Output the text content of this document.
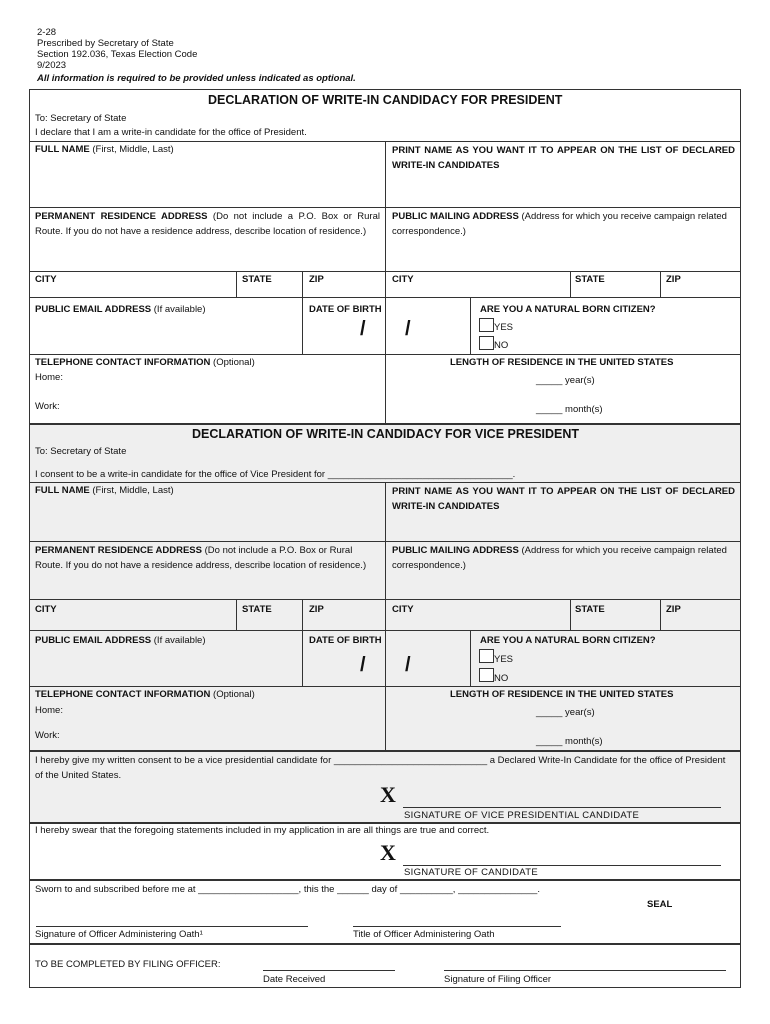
2-28
Prescribed by Secretary of State
Section 192.036, Texas Election Code
9/2023
All information is required to be provided unless indicated as optional.
DECLARATION OF WRITE-IN CANDIDACY FOR PRESIDENT
To: Secretary of State
I declare that I am a write-in candidate for the office of President.
FULL NAME (First, Middle, Last)	PRINT NAME AS YOU WANT IT TO APPEAR ON THE LIST OF DECLARED WRITE-IN CANDIDATES
PERMANENT RESIDENCE ADDRESS (Do not include a P.O. Box or Rural Route. If you do not have a residence address, describe location of residence.)
PUBLIC MAILING ADDRESS (Address for which you receive campaign related correspondence.)
CITY	STATE	ZIP	CITY	STATE	ZIP
PUBLIC EMAIL ADDRESS (If available)	DATE OF BIRTH
/ /
ARE YOU A NATURAL BORN CITIZEN?
YES
NO
TELEPHONE CONTACT INFORMATION (Optional)
Home:
Work:
LENGTH OF RESIDENCE IN THE UNITED STATES
_____ year(s)
_____ month(s)
DECLARATION OF WRITE-IN CANDIDACY FOR VICE PRESIDENT
To: Secretary of State
I consent to be a write-in candidate for the office of Vice President for ___________________________________.
FULL NAME (First, Middle, Last)	PRINT NAME AS YOU WANT IT TO APPEAR ON THE LIST OF DECLARED WRITE-IN CANDIDATES
PERMANENT RESIDENCE ADDRESS (Do not include a P.O. Box or Rural Route. If you do not have a residence address, describe location of residence.)
PUBLIC MAILING ADDRESS (Address for which you receive campaign related correspondence.)
CITY	STATE	ZIP	CITY	STATE	ZIP
PUBLIC EMAIL ADDRESS (If available)	DATE OF BIRTH
/ /
ARE YOU A NATURAL BORN CITIZEN?
YES
NO
TELEPHONE CONTACT INFORMATION (Optional)
Home:
Work:
LENGTH OF RESIDENCE IN THE UNITED STATES
_____ year(s)
_____ month(s)
I hereby give my written consent to be a vice presidential candidate for _____________________________ a Declared Write-In Candidate for the office of President of the United States.
X
SIGNATURE OF VICE PRESIDENTIAL CANDIDATE
I hereby swear that the foregoing statements included in my application in are all things are true and correct.
X
SIGNATURE OF CANDIDATE
Sworn to and subscribed before me at ___________________, this the ______ day of __________, _______________.
SEAL
Signature of Officer Administering Oath¹	Title of Officer Administering Oath
TO BE COMPLETED BY FILING OFFICER:
Date Received	Signature of Filing Officer
